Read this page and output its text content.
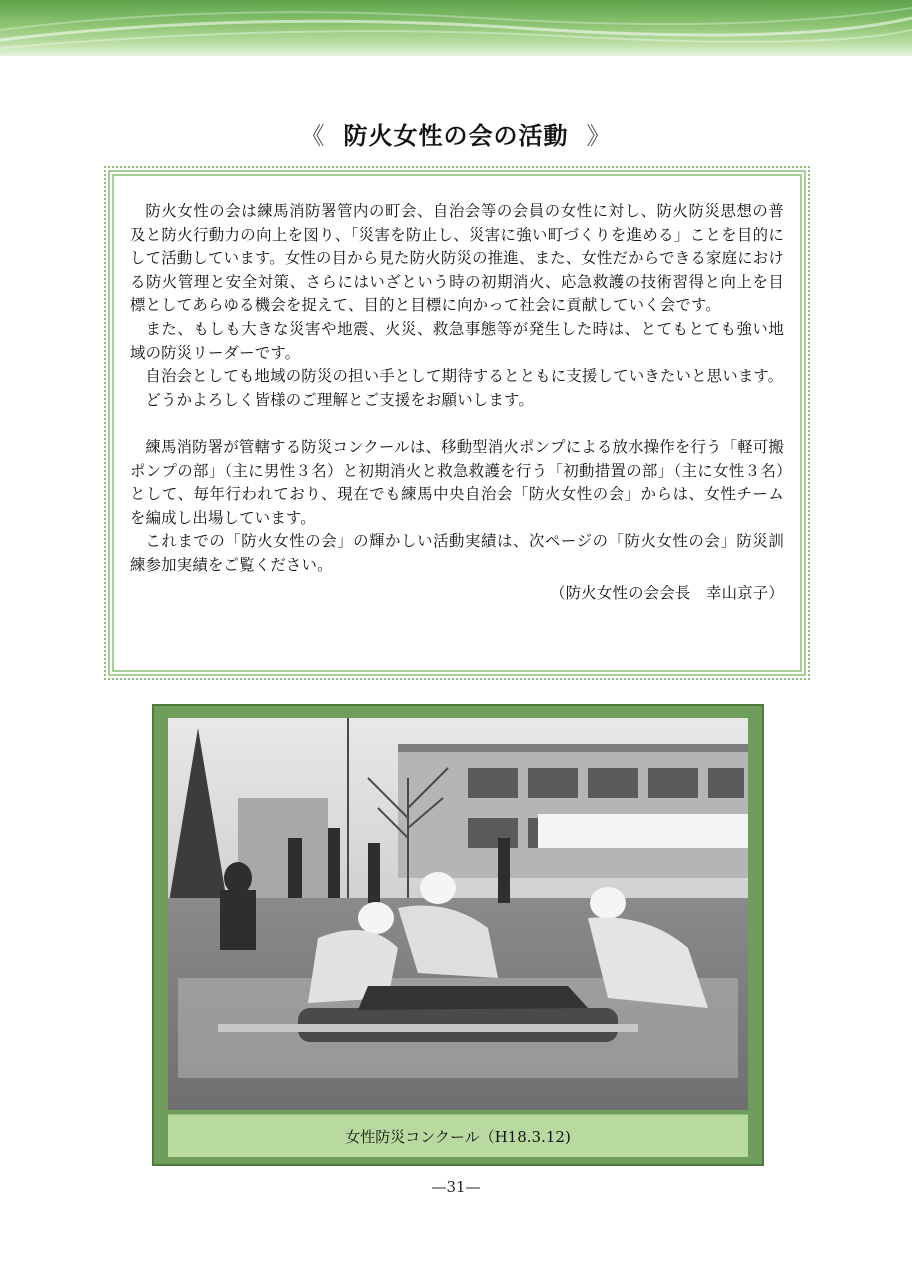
《 防火女性の会の活動 》

防火女性の会は練馬消防署管内の町会、自治会等の会員の女性に対し、防火防災思想の普及と防火行動力の向上を図り、「災害を防止し、災害に強い町づくりを進める」ことを目的にして活動しています。女性の目から見た防火防災の推進、また、女性だからできる家庭における防火管理と安全対策、さらにはいざという時の初期消火、応急救護の技術習得と向上を目標としてあらゆる機会を捉えて、目的と目標に向かって社会に貢献していく会です。

また、もしも大きな災害や地震、火災、救急事態等が発生した時は、とてもとても強い地域の防災リーダーです。

自治会としても地域の防災の担い手として期待するとともに支援していきたいと思います。

どうかよろしく皆様のご理解とご支援をお願いします。

練馬消防署が管轄する防災コンクールは、移動型消火ポンプによる放水操作を行う「軽可搬ポンプの部」（主に男性３名）と初期消火と救急救護を行う「初動措置の部」（主に女性３名）として、毎年行われており、現在でも練馬中央自治会「防火女性の会」からは、女性チームを編成し出場しています。

これまでの「防火女性の会」の輝かしい活動実績は、次ページの「防火女性の会」防災訓練参加実績をご覧ください。

（防火女性の会会長　幸山京子）

女性防災コンクール（H18.3.12)
—31—
